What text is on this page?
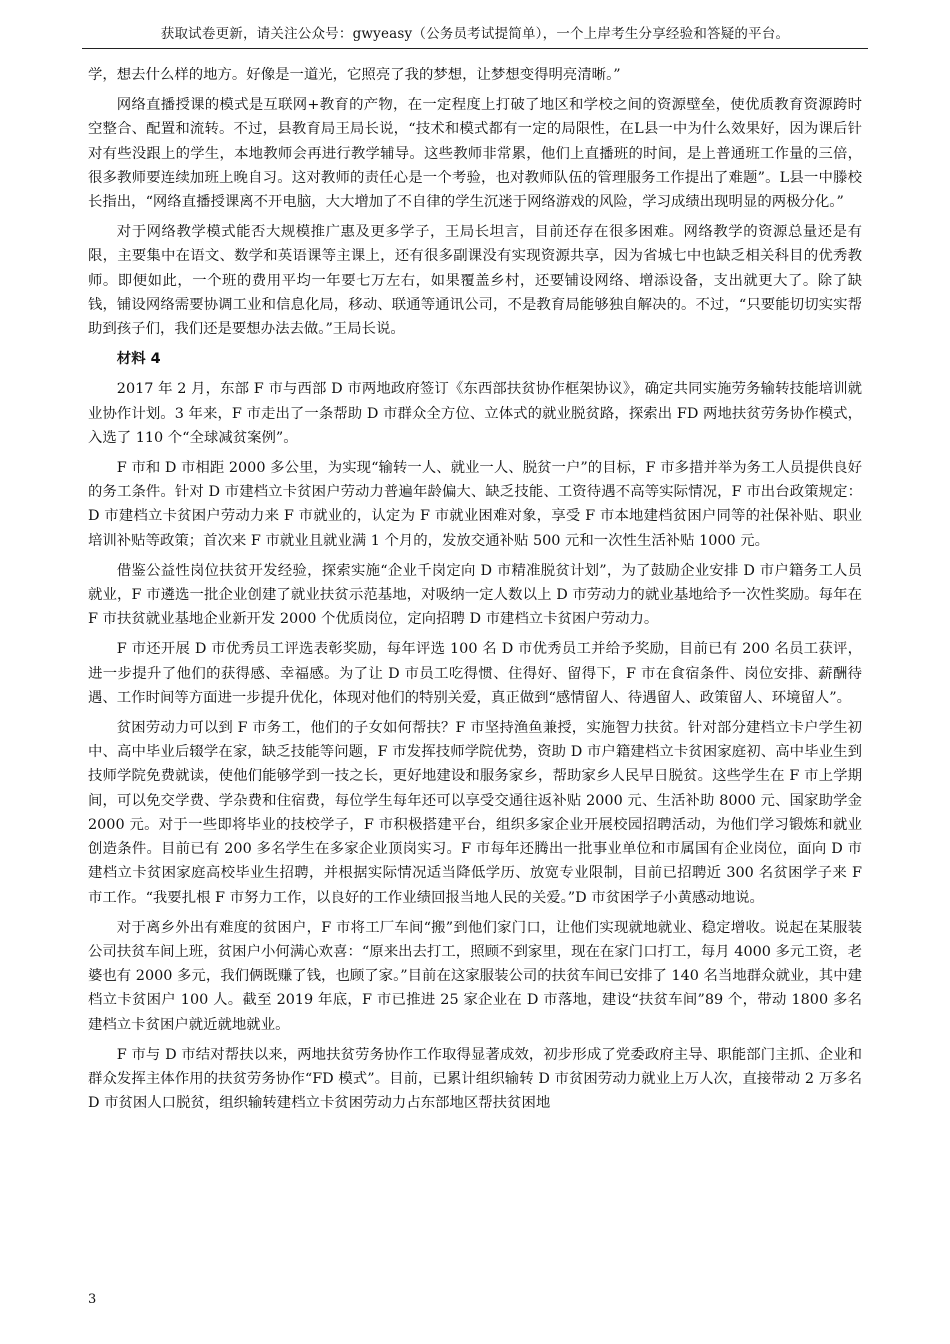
获取试卷更新，请关注公众号：gwyeasy（公务员考试提简单），一个上岸考生分享经验和答疑的平台。

学，想去什么样的地方。好像是一道光，它照亮了我的梦想，让梦想变得明亮清晰。”

网络直播授课的模式是互联网+教育的产物，在一定程度上打破了地区和学校之间的资源壁垒，使优质教育资源跨时空整合、配置和流转。不过，县教育局王局长说，“技术和模式都有一定的局限性，在L县一中为什么效果好，因为课后针对有些没跟上的学生，本地教师会再进行教学辅导。这些教师非常累，他们上直播班的时间，是上普通班工作量的三倍，很多教师要连续加班上晚自习。这对教师的责任心是一个考验，也对教师队伍的管理服务工作提出了难题”。L县一中滕校长指出，“网络直播授课离不开电脑，大大增加了不自律的学生沉迷于网络游戏的风险，学习成绩出现明显的两极分化。”

对于网络教学模式能否大规模推广惠及更多学子，王局长坦言，目前还存在很多困难。网络教学的资源总量还是有限，主要集中在语文、数学和英语课等主课上，还有很多副课没有实现资源共享，因为省城七中也缺乏相关科目的优秀教师。即便如此，一个班的费用平均一年要七万左右，如果覆盖乡村，还要铺设网络、增添设备，支出就更大了。除了缺钱，铺设网络需要协调工业和信息化局，移动、联通等通讯公司，不是教育局能够独自解决的。不过，“只要能切切实实帮助到孩子们，我们还是要想办法去做。”王局长说。

材料 4

2017 年 2 月，东部 F 市与西部 D 市两地政府签订《东西部扶贫协作框架协议》，确定共同实施劳务输转技能培训就业协作计划。3 年来，F 市走出了一条帮助 D 市群众全方位、立体式的就业脱贫路，探索出 FD 两地扶贫劳务协作模式，入选了 110 个“全球减贫案例”。

F 市和 D 市相距 2000 多公里，为实现“输转一人、就业一人、脱贫一户”的目标，F 市多措并举为务工人员提供良好的务工条件。针对 D 市建档立卡贫困户劳动力普遍年龄偏大、缺乏技能、工资待遇不高等实际情况，F 市出台政策规定：D 市建档立卡贫困户劳动力来 F 市就业的，认定为 F 市就业困难对象，享受 F 市本地建档贫困户同等的社保补贴、职业培训补贴等政策；首次来 F 市就业且就业满 1 个月的，发放交通补贴 500 元和一次性生活补贴 1000 元。

借鉴公益性岗位扶贫开发经验，探索实施“企业千岗定向 D 市精准脱贫计划”，为了鼓励企业安排 D 市户籍务工人员就业，F 市遴选一批企业创建了就业扶贫示范基地，对吸纳一定人数以上 D 市劳动力的就业基地给予一次性奖励。每年在 F 市扶贫就业基地企业新开发 2000 个优质岗位，定向招聘 D 市建档立卡贫困户劳动力。

F 市还开展 D 市优秀员工评选表彰奖励，每年评选 100 名 D 市优秀员工并给予奖励，目前已有 200 名员工获评，进一步提升了他们的获得感、幸福感。为了让 D 市员工吃得惯、住得好、留得下，F 市在食宿条件、岗位安排、薪酬待遇、工作时间等方面进一步提升优化，体现对他们的特别关爱，真正做到“感情留人、待遇留人、政策留人、环境留人”。

贫困劳动力可以到 F 市务工，他们的子女如何帮扶？F 市坚持渔鱼兼授，实施智力扶贫。针对部分建档立卡户学生初中、高中毕业后辍学在家，缺乏技能等问题，F 市发挥技师学院优势，资助 D 市户籍建档立卡贫困家庭初、高中毕业生到技师学院免费就读，使他们能够学到一技之长，更好地建设和服务家乡，帮助家乡人民早日脱贫。这些学生在 F 市上学期间，可以免交学费、学杂费和住宿费，每位学生每年还可以享受交通往返补贴 2000 元、生活补助 8000 元、国家助学金 2000 元。对于一些即将毕业的技校学子，F 市积极搭建平台，组织多家企业开展校园招聘活动，为他们学习锻炼和就业创造条件。目前已有 200 多名学生在多家企业顶岗实习。F 市每年还腾出一批事业单位和市属国有企业岗位，面向 D 市建档立卡贫困家庭高校毕业生招聘，并根据实际情况适当降低学历、放宽专业限制，目前已招聘近 300 名贫困学子来 F 市工作。“我要扎根 F 市努力工作，以良好的工作业绩回报当地人民的关爱。”D 市贫困学子小黄感动地说。

对于离乡外出有难度的贫困户，F 市将工厂车间“搬”到他们家门口，让他们实现就地就业、稳定增收。说起在某服装公司扶贫车间上班，贫困户小何满心欢喜：“原来出去打工，照顾不到家里，现在在家门口打工，每月 4000 多元工资，老婆也有 2000 多元，我们俩既赚了钱，也顾了家。”目前在这家服装公司的扶贫车间已安排了 140 名当地群众就业，其中建档立卡贫困户 100 人。截至 2019 年底，F 市已推进 25 家企业在 D 市落地，建设“扶贫车间”89 个，带动 1800 多名建档立卡贫困户就近就地就业。

F 市与 D 市结对帮扶以来，两地扶贫劳务协作工作取得显著成效，初步形成了党委政府主导、职能部门主抓、企业和群众发挥主体作用的扶贫劳务协作“FD 模式”。目前，已累计组织输转 D 市贫困劳动力就业上万人次，直接带动 2 万多名 D 市贫困人口脱贫，组织输转建档立卡贫困劳动力占东部地区帮扶贫困地

3
